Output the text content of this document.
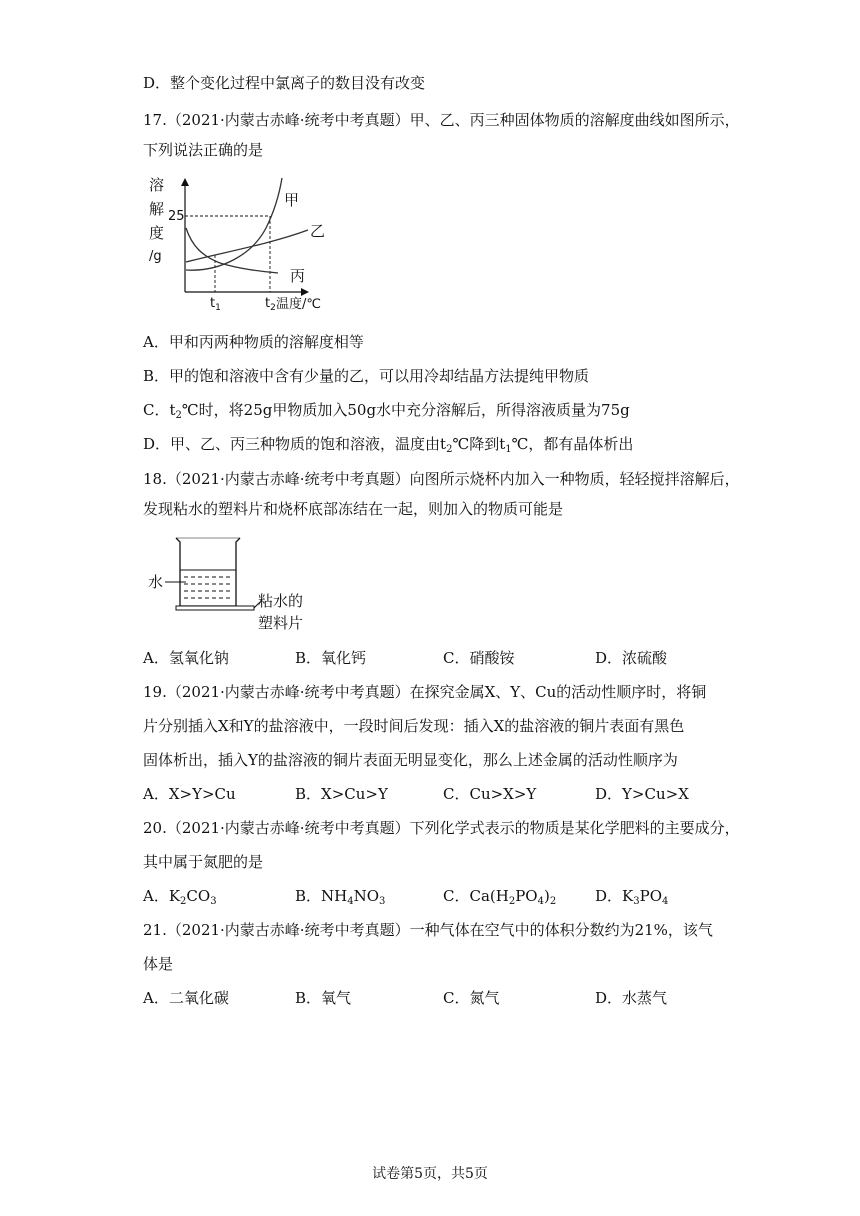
D．整个变化过程中氯离子的数目没有改变
17.（2021·内蒙古赤峰·统考中考真题）甲、乙、丙三种固体物质的溶解度曲线如图所示，
下列说法正确的是
溶
解
度
/g
25
甲
乙
丙
$t_1$	$t_2$ 温度/℃
A．甲和丙两种物质的溶解度相等
B．甲的饱和溶液中含有少量的乙，可以用冷却结晶方法提纯甲物质
C．$t_2℃$时，将25g甲物质加入50g水中充分溶解后，所得溶液质量为75g
D．甲、乙、丙三种物质的饱和溶液，温度由$t_2℃$降到$t_1℃$，都有晶体析出
18.（2021·内蒙古赤峰·统考中考真题）向图所示烧杯内加入一种物质，轻轻搅拌溶解后，
发现粘水的塑料片和烧杯底部冻结在一起，则加入的物质可能是
水
粘水的
塑料片
A．氢氧化钠	B．氧化钙	C．硝酸铵	D．浓硫酸
19.（2021·内蒙古赤峰·统考中考真题）在探究金属X、Y、Cu的活动性顺序时，将铜
片分别插入X和Y的盐溶液中，一段时间后发现：插入X的盐溶液的铜片表面有黑色
固体析出，插入Y的盐溶液的铜片表面无明显变化，那么上述金属的活动性顺序为
A．X>Y>Cu	B．X>Cu>Y	C．Cu>X>Y	D．Y>Cu>X
20.（2021·内蒙古赤峰·统考中考真题）下列化学式表示的物质是某化学肥料的主要成分，
其中属于氮肥的是
A．$K_2CO_3$	B．$NH_4NO_3$	C．$Ca(H_2PO_4)_2$	D．$K_3PO_4$
21.（2021·内蒙古赤峰·统考中考真题）一种气体在空气中的体积分数约为21%，该气
体是
A．二氧化碳	B．氧气	C．氮气	D．水蒸气
试卷第5页，共5页
